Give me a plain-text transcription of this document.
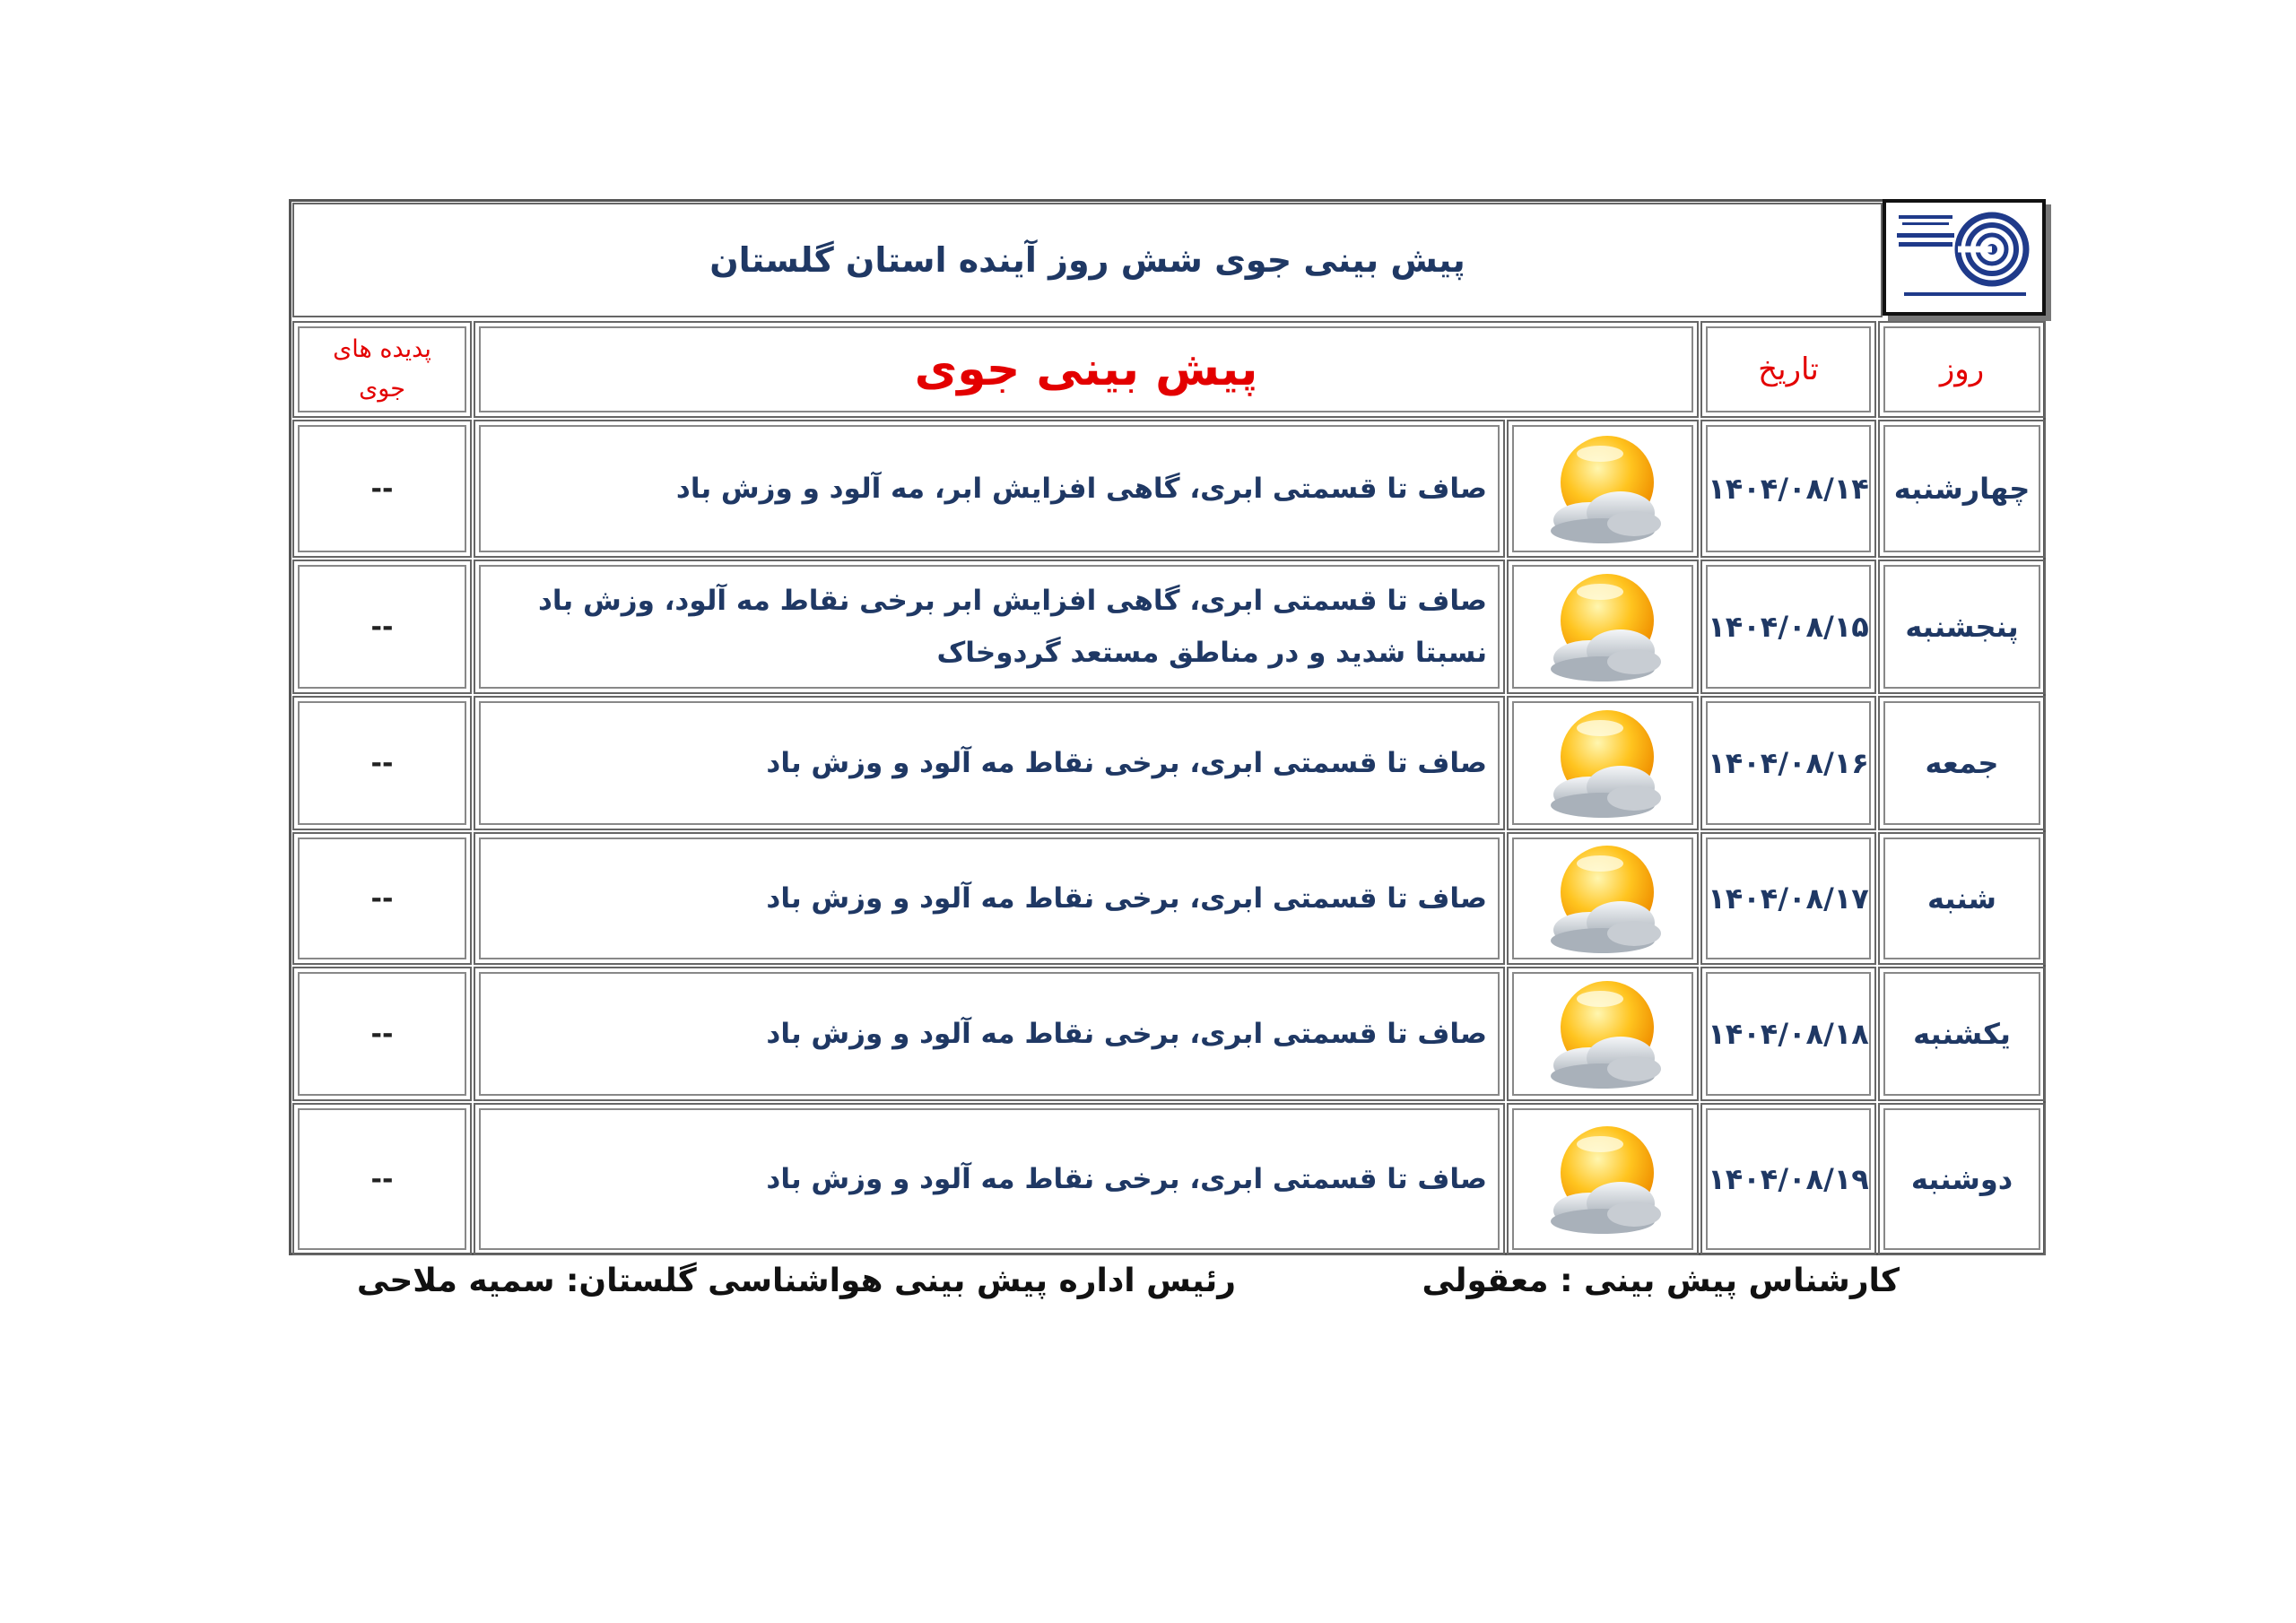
پیش بینی جوی شش روز آینده استان گلستان
روز
تاریخ
پیش بینی جوی
پدیده های
جوی
چهارشنبه
۱۴۰۴/۰۸/۱۴
صاف تا قسمتی ابری، گاهی افزایش ابر، مه آلود و وزش باد
--
پنجشنبه
۱۴۰۴/۰۸/۱۵
صاف تا قسمتی ابری، گاهی افزایش ابر برخی نقاط مه آلود، وزش باد نسبتا شدید و در مناطق مستعد گردوخاک
--
جمعه
۱۴۰۴/۰۸/۱۶
صاف تا قسمتی ابری، برخی نقاط مه آلود و وزش باد
--
شنبه
۱۴۰۴/۰۸/۱۷
صاف تا قسمتی ابری، برخی نقاط مه آلود و وزش باد
--
یکشنبه
۱۴۰۴/۰۸/۱۸
صاف تا قسمتی ابری، برخی نقاط مه آلود و وزش باد
--
دوشنبه
۱۴۰۴/۰۸/۱۹
صاف تا قسمتی ابری، برخی نقاط مه آلود و وزش باد
--
کارشناس پیش بینی : معقولی
رئیس اداره پیش بینی هواشناسی گلستان: سمیه ملاحی
